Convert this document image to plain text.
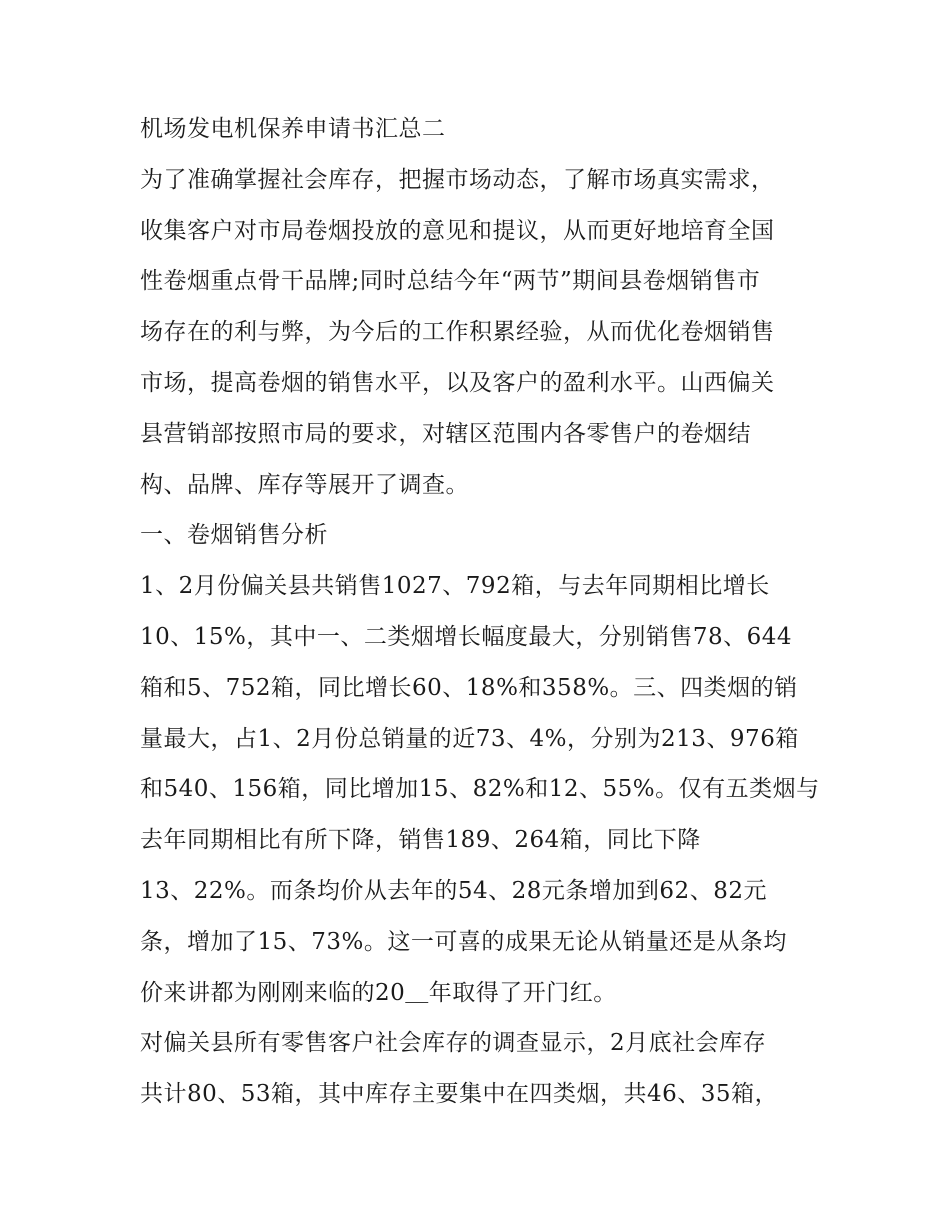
机场发电机保养申请书汇总二
为了准确掌握社会库存，把握市场动态，了解市场真实需求，
收集客户对市局卷烟投放的意见和提议，从而更好地培育全国
性卷烟重点骨干品牌;同时总结今年“两节”期间县卷烟销售市
场存在的利与弊，为今后的工作积累经验，从而优化卷烟销售
市场，提高卷烟的销售水平，以及客户的盈利水平。山西偏关
县营销部按照市局的要求，对辖区范围内各零售户的卷烟结
构、品牌、库存等展开了调查。
一、卷烟销售分析
1、2月份偏关县共销售1027、792箱，与去年同期相比增长
10、15%，其中一、二类烟增长幅度最大，分别销售78、644
箱和5、752箱，同比增长60、18%和358%。三、四类烟的销
量最大，占1、2月份总销量的近73、4%，分别为213、976箱
和540、156箱，同比增加15、82%和12、55%。仅有五类烟与
去年同期相比有所下降，销售189、264箱，同比下降
13、22%。而条均价从去年的54、28元条增加到62、82元
条，增加了15、73%。这一可喜的成果无论从销量还是从条均
价来讲都为刚刚来临的20＿年取得了开门红。
对偏关县所有零售客户社会库存的调查显示，2月底社会库存
共计80、53箱，其中库存主要集中在四类烟，共46、35箱，
